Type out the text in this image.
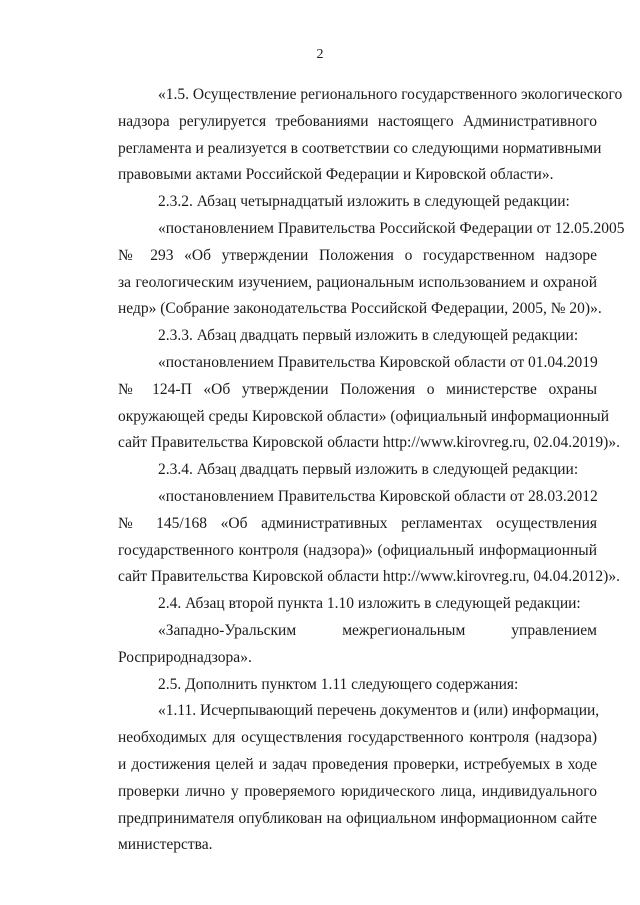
2

«1.5. Осуществление регионального государственного экологического
надзора регулируется требованиями настоящего Административного
регламента и реализуется в соответствии со следующими нормативными
правовыми актами Российской Федерации и Кировской области».

2.3.2. Абзац четырнадцатый изложить в следующей редакции:

«постановлением Правительства Российской Федерации от 12.05.2005
№ 293 «Об утверждении Положения о государственном надзоре
за геологическим изучением, рациональным использованием и охраной
недр» (Собрание законодательства Российской Федерации, 2005, № 20)».

2.3.3. Абзац двадцать первый изложить в следующей редакции:

«постановлением Правительства Кировской области от 01.04.2019
№ 124-П «Об утверждении Положения о министерстве охраны
окружающей среды Кировской области» (официальный информационный
сайт Правительства Кировской области http://www.kirovreg.ru, 02.04.2019)».

2.3.4. Абзац двадцать первый изложить в следующей редакции:

«постановлением Правительства Кировской области от 28.03.2012
№ 145/168 «Об административных регламентах осуществления
государственного контроля (надзора)» (официальный информационный
сайт Правительства Кировской области http://www.kirovreg.ru, 04.04.2012)».

2.4. Абзац второй пункта 1.10 изложить в следующей редакции:

«Западно-Уральским межрегиональным управлением
Росприроднадзора».

2.5. Дополнить пунктом 1.11 следующего содержания:

«1.11. Исчерпывающий перечень документов и (или) информации,
необходимых для осуществления государственного контроля (надзора)
и достижения целей и задач проведения проверки, истребуемых в ходе
проверки лично у проверяемого юридического лица, индивидуального
предпринимателя опубликован на официальном информационном сайте
министерства.
